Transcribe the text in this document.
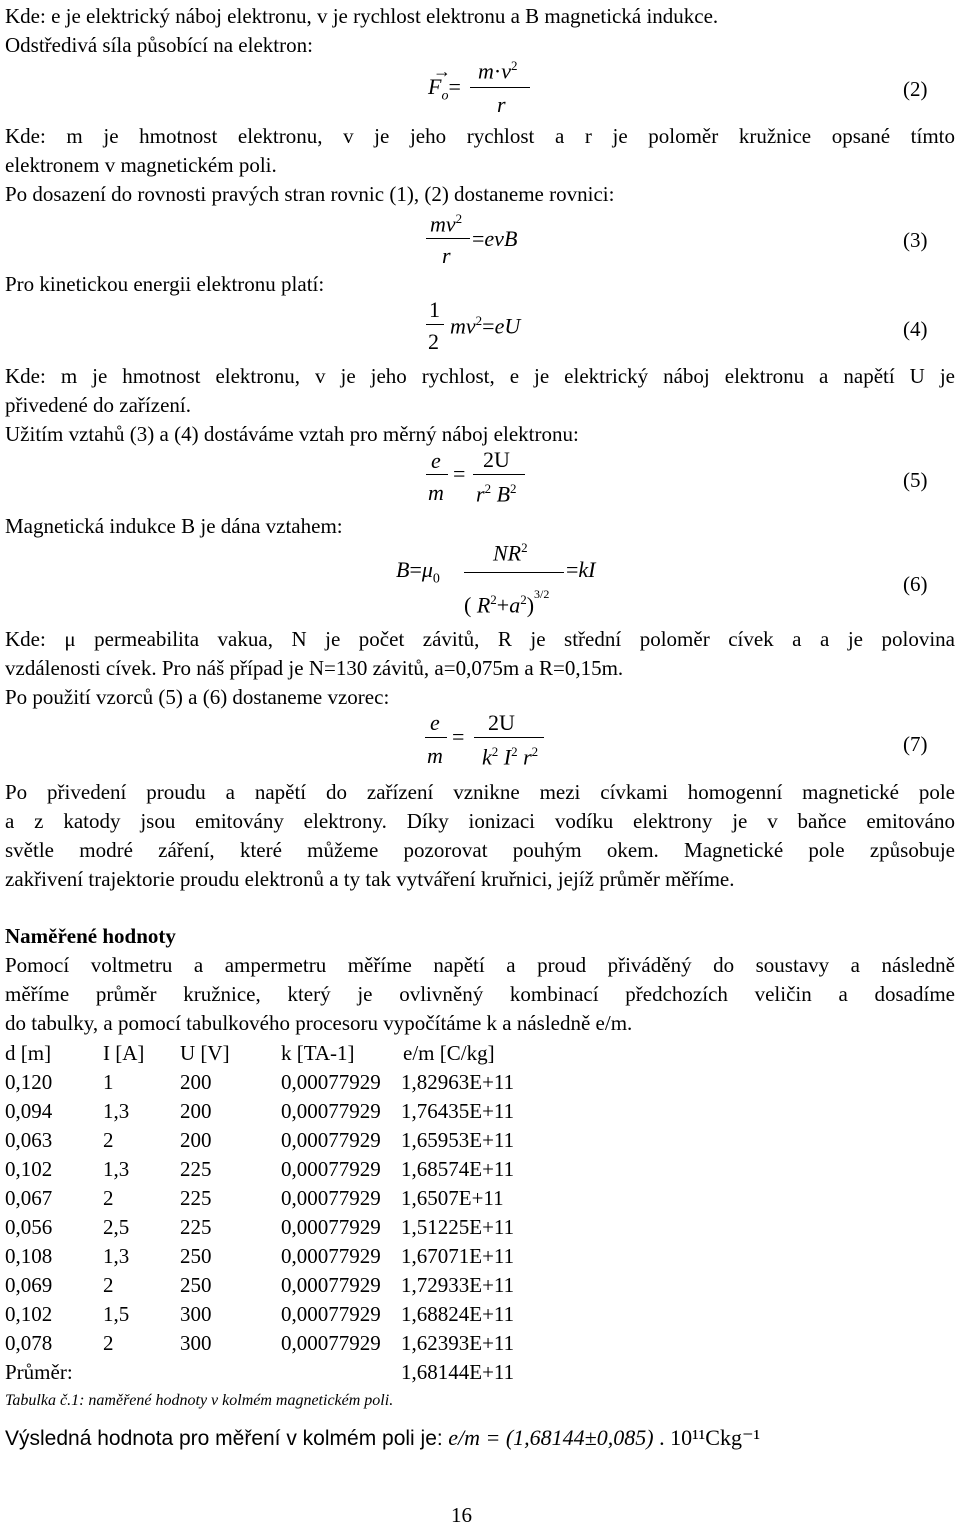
Kde: e je elektrický náboj elektronu, v je rychlost elektronu a B magnetická indukce.
Odstředivá síla působící na elektron:
$F_o=$
→ $m\cdot v^2$
r
(2)
Kde: m je hmotnost elektronu, v je jeho rychlost a r je poloměr kružnice opsané tímto
elektronem v magnetickém poli.
Po dosazení do rovnosti pravých stran rovnic (1), (2) dostaneme rovnici:
$mv^2$
r
=evB	(3)
Pro kinetickou energii elektronu platí:
1
2
$mv^2=eU$	(4)
Kde: m je hmotnost elektronu, v je jeho rychlost, e je elektrický náboj elektronu a napětí U je
přivedené do zařízení.
Užitím vztahů (3) a (4) dostáváme vztah pro měrný náboj elektronu:
e
m
=
2U
$r^2$ $B^2$	(5)
Magnetická indukce B je dána vztahem:
$B=\mu_0$
$NR^2$
( $R^2+a^2)^{3/2}$
=kI
(6)
Kde: μ permeabilita vakua, N je počet závitů, R je střední poloměr cívek a a je polovina
vzdálenosti cívek. Pro náš případ je N=130 závitů, a=0,075m a R=0,15m.
Po použití vzorců (5) a (6) dostaneme vzorec:
e
m
=
2U
$k^2$ $I^2$ $r^2$	(7)
Po přivedení proudu a napětí do zařízení vznikne mezi cívkami homogenní magnetické pole
a z katody jsou emitovány elektrony. Díky ionizaci vodíku elektrony je v baňce emitováno
světle modré záření, které můžeme pozorovat pouhým okem. Magnetické pole způsobuje
zakřivení trajektorie proudu elektronů a ty tak vytváření kruřnici, jejíž průměr měříme.
Naměřené hodnoty
Pomocí voltmetru a ampermetru měříme napětí a proud přiváděný do soustavy a následně
měříme průměr kružnice, který je ovlivněný kombinací předchozích veličin a dosadíme
do tabulky, a pomocí tabulkového procesoru vypočítáme k a následně e/m.
d [m] I [A] U [V] k [TA-1] e/m [C/kg]
0,120 1	200	0,00077929 1,82963E+11
0,094 1,3 200	0,00077929 1,76435E+11
0,063 2	200	0,00077929 1,65953E+11
0,102 1,3 225	0,00077929 1,68574E+11
0,067 2	225	0,00077929 1,6507E+11
0,056 2,5 225	0,00077929 1,51225E+11
0,108 1,3 250	0,00077929 1,67071E+11
0,069 2	250	0,00077929 1,72933E+11
0,102 1,5 300	0,00077929 1,68824E+11
0,078 2	300	0,00077929 1,62393E+11
Průměr:	1,68144E+11
Tabulka č.1: naměřené hodnoty v kolmém magnetickém poli.
Výsledná hodnota pro měření v kolmém poli je: e/m = (1,68144±0,085) . 10¹¹Ckg⁻¹
16
